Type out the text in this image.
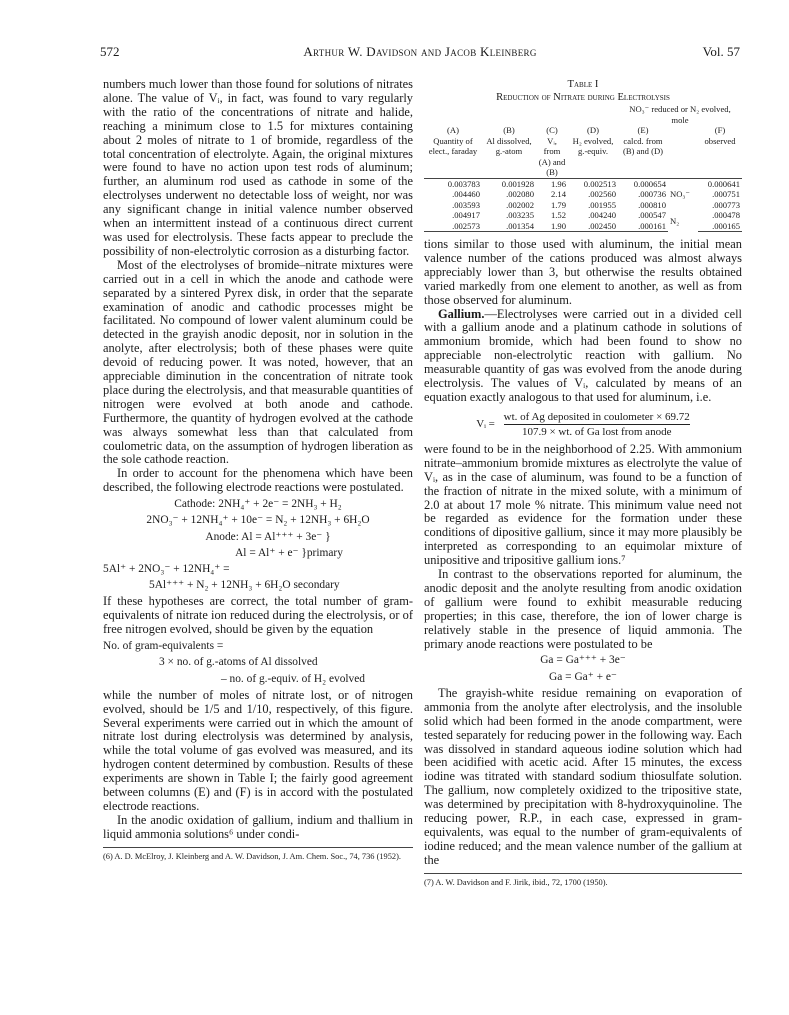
572	Arthur W. Davidson and Jacob Kleinberg	Vol. 57

numbers much lower than those found for solutions of nitrates alone. The value of Vᵢ, in fact, was found to vary regularly with the ratio of the concentrations of nitrate and halide, reaching a minimum close to 1.5 for mixtures containing about 2 moles of nitrate to 1 of bromide, regardless of the total concentration of electrolyte. Again, the original mixtures were found to have no action upon test rods of aluminum; further, an aluminum rod used as cathode in some of the electrolyses underwent no detectable loss of weight, nor was any significant change in initial valence number observed when an intermittent instead of a continuous direct current was used for electrolysis. These facts appear to preclude the possibility of non-electrolytic corrosion as a disturbing factor.

Most of the electrolyses of bromide–nitrate mixtures were carried out in a cell in which the anode and cathode were separated by a sintered Pyrex disk, in order that the separate examination of anodic and cathodic processes might be facilitated. No compound of lower valent aluminum could be detected in the grayish anodic deposit, nor in solution in the anolyte, after electrolysis; both of these phases were quite devoid of reducing power. It was noted, however, that an appreciable diminution in the concentration of nitrate took place during the electrolysis, and that measurable quantities of nitrogen were evolved at both anode and cathode. Furthermore, the quantity of hydrogen evolved at the cathode was always somewhat less than that calculated from coulometric data, on the assumption of hydrogen liberation as the sole cathode reaction.

In order to account for the phenomena which have been described, the following electrode reactions were postulated.

Cathode: 2NH₄⁺ + 2e⁻ = 2NH₃ + H₂
2NO₃⁻ + 12NH₄⁺ + 10e⁻ = N₂ + 12NH₃ + 6H₂O
Anode: Al = Al⁺⁺⁺ + 3e⁻ }
Al = Al⁺ + e⁻ }primary
5Al⁺ + 2NO₃⁻ + 12NH₄⁺ =
5Al⁺⁺⁺ + N₂ + 12NH₃ + 6H₂O secondary

If these hypotheses are correct, the total number of gram-equivalents of nitrate ion reduced during the electrolysis, or of free nitrogen evolved, should be given by the equation

No. of gram-equivalents =
3 × no. of g.-atoms of Al dissolved
– no. of g.-equiv. of H₂ evolved

while the number of moles of nitrate lost, or of nitrogen evolved, should be 1/5 and 1/10, respectively, of this figure. Several experiments were carried out in which the amount of nitrate lost during electrolysis was determined by analysis, while the total volume of gas evolved was measured, and its hydrogen content determined by combustion. Results of these experiments are shown in Table I; the fairly good agreement between columns (E) and (F) is in accord with the postulated electrode reactions.

In the anodic oxidation of gallium, indium and thallium in liquid ammonia solutions⁶ under condi-

(6) A. D. McElroy, J. Kleinberg and A. W. Davidson, J. Am. Chem. Soc., 74, 736 (1952).
Table I
Reduction of Nitrate during Electrolysis
				NO₃⁻ reduced or N₂ evolved, mole		
(A)	(B)	(C)	(D)	(E)		(F)
Quantity of elect., faraday	Al dissolved, g.-atom	Vᵢ, from (A) and (B)	H₂ evolved, g.-equiv.	calcd. from (B) and (D)		observed
0.003783	0.001928	1.96	0.002513	0.000654	NO₃⁻	0.000641
.004460	.002080	2.14	.002560	.000736		.000751
.003593	.002002	1.79	.001955	.000810		.000773
.004917	.003235	1.52	.004240	.000547	N₂	.000478
.002573	.001354	1.90	.002450	.000161		.000165

tions similar to those used with aluminum, the initial mean valence number of the cations produced was almost always appreciably lower than 3, but otherwise the results obtained varied markedly from one element to another, as well as from those observed for aluminum.

Gallium.—Electrolyses were carried out in a divided cell with a gallium anode and a platinum cathode in solutions of ammonium bromide, which had been found to show no appreciable non-electrolytic reaction with gallium. No measurable quantity of gas was evolved from the anode during electrolysis. The values of Vᵢ, calculated by means of an equation exactly analogous to that used for aluminum, i.e.

Vᵢ =
wt. of Ag deposited in coulometer × 69.72
107.9 × wt. of Ga lost from anode

were found to be in the neighborhood of 2.25. With ammonium nitrate–ammonium bromide mixtures as electrolyte the value of Vᵢ, as in the case of aluminum, was found to be a function of the fraction of nitrate in the mixed solute, with a minimum of 2.0 at about 17 mole % nitrate. This minimum value need not be regarded as evidence for the formation under these conditions of dipositive gallium, since it may more plausibly be interpreted as corresponding to an equimolar mixture of unipositive and tripositive gallium ions.⁷

In contrast to the observations reported for aluminum, the anodic deposit and the anolyte resulting from anodic oxidation of gallium were found to exhibit measurable reducing properties; in this case, therefore, the ion of lower charge is relatively stable in the presence of liquid ammonia. The primary anode reactions were postulated to be

Ga = Ga⁺⁺⁺ + 3e⁻
Ga = Ga⁺ + e⁻

The grayish-white residue remaining on evaporation of ammonia from the anolyte after electrolysis, and the insoluble solid which had been formed in the anode compartment, were tested separately for reducing power in the following way. Each was dissolved in standard aqueous iodine solution which had been acidified with acetic acid. After 15 minutes, the excess iodine was titrated with standard sodium thiosulfate solution. The gallium, now completely oxidized to the tripositive state, was determined by precipitation with 8-hydroxyquinoline. The reducing power, R.P., in each case, expressed in gram-equivalents, was equal to the number of gram-equivalents of iodine reduced; and the mean valence number of the gallium at the

(7) A. W. Davidson and F. Jirik, ibid., 72, 1700 (1950).
